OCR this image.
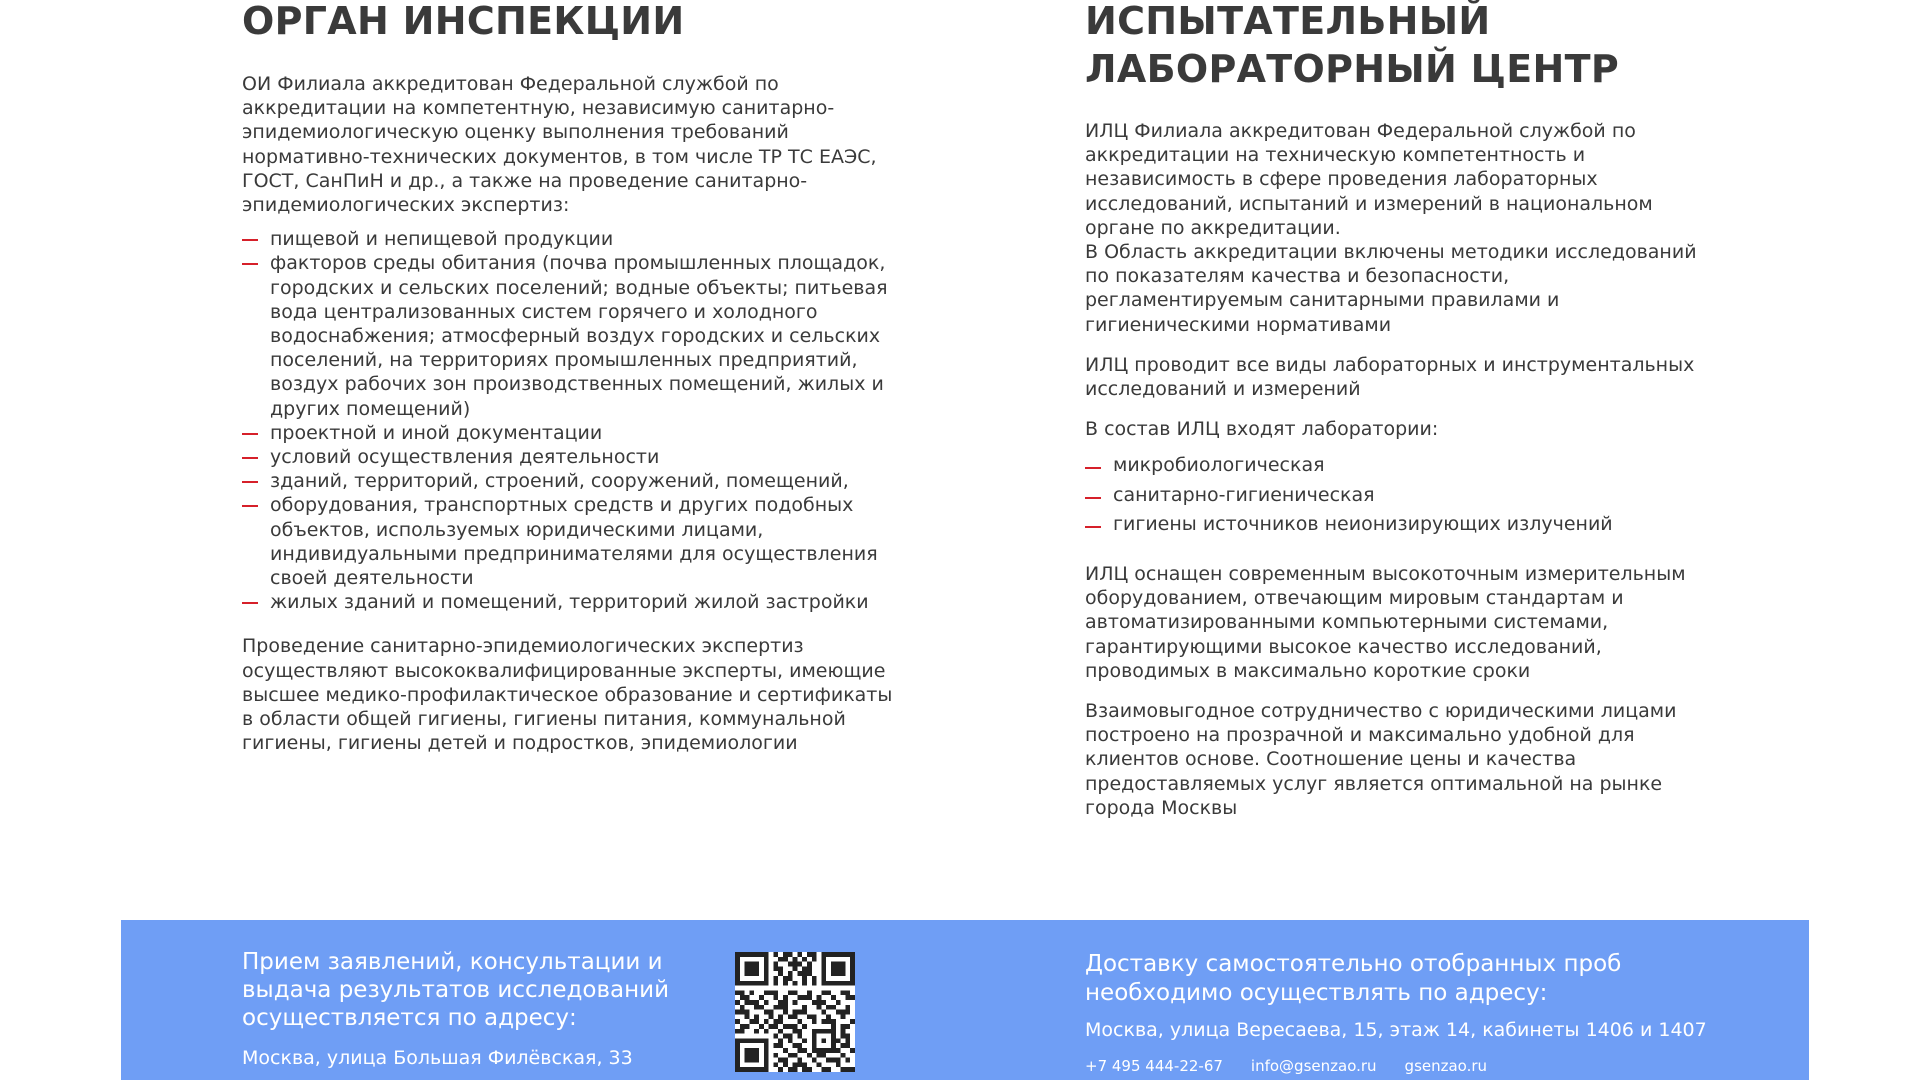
ОРГАН ИНСПЕКЦИИ

ОИ Филиала аккредитован Федеральной службой по аккредитации на компетентную, независимую санитарно-эпидемиологическую оценку выполнения требований нормативно-технических документов, в том числе ТР ТС ЕАЭС, ГОСТ, СанПиН и др., а также на проведение санитарно-эпидемиологических экспертиз:

пищевой и непищевой продукции
факторов среды обитания (почва промышленных площадок, городских и сельских поселений; водные объекты; питьевая вода централизованных систем горячего и холодного водоснабжения; атмосферный воздух городских и сельских поселений, на территориях промышленных предприятий, воздух рабочих зон производственных помещений, жилых и других помещений)
проектной и иной документации
условий осуществления деятельности
зданий, территорий, строений, сооружений, помещений,
оборудования, транспортных средств и других подобных объектов, используемых юридическими лицами, индивидуальными предпринимателями для осуществления своей деятельности
жилых зданий и помещений, территорий жилой застройки

Проведение санитарно-эпидемиологических экспертиз осуществляют высококвалифицированные эксперты, имеющие высшее медико-профилактическое образование и сертификаты в области общей гигиены, гигиены питания, коммунальной гигиены, гигиены детей и подростков, эпидемиологии

ИСПЫТАТЕЛЬНЫЙ ЛАБОРАТОРНЫЙ ЦЕНТР

ИЛЦ Филиала аккредитован Федеральной службой по аккредитации на техническую компетентность и независимость в сфере проведения лабораторных исследований, испытаний и измерений в национальном органе по аккредитации.

В Область аккредитации включены методики исследований по показателям качества и безопасности, регламентируемым санитарными правилами и гигиеническими нормативами

ИЛЦ проводит все виды лабораторных и инструментальных исследований и измерений

В состав ИЛЦ входят лаборатории:

микробиологическая
санитарно-гигиеническая
гигиены источников неионизирующих излучений

ИЛЦ оснащен современным высокоточным измерительным оборудованием, отвечающим мировым стандартам и автоматизированными компьютерными системами, гарантирующими высокое качество исследований, проводимых в максимально короткие сроки

Взаимовыгодное сотрудничество с юридическими лицами построено на прозрачной и максимально удобной для клиентов основе. Соотношение цены и качества предоставляемых услуг является оптимальной на рынке города Москвы

Прием заявлений, консультации и выдача результатов исследований осуществляется по адресу:

Москва, улица Большая Филёвская, 33

Доставку самостоятельно отобранных проб необходимо осуществлять по адресу:

Москва, улица Вересаева, 15, этаж 14, кабинеты 1406 и 1407
+7 495 444-22-67 info@gsenzao.ru gsenzao.ru
